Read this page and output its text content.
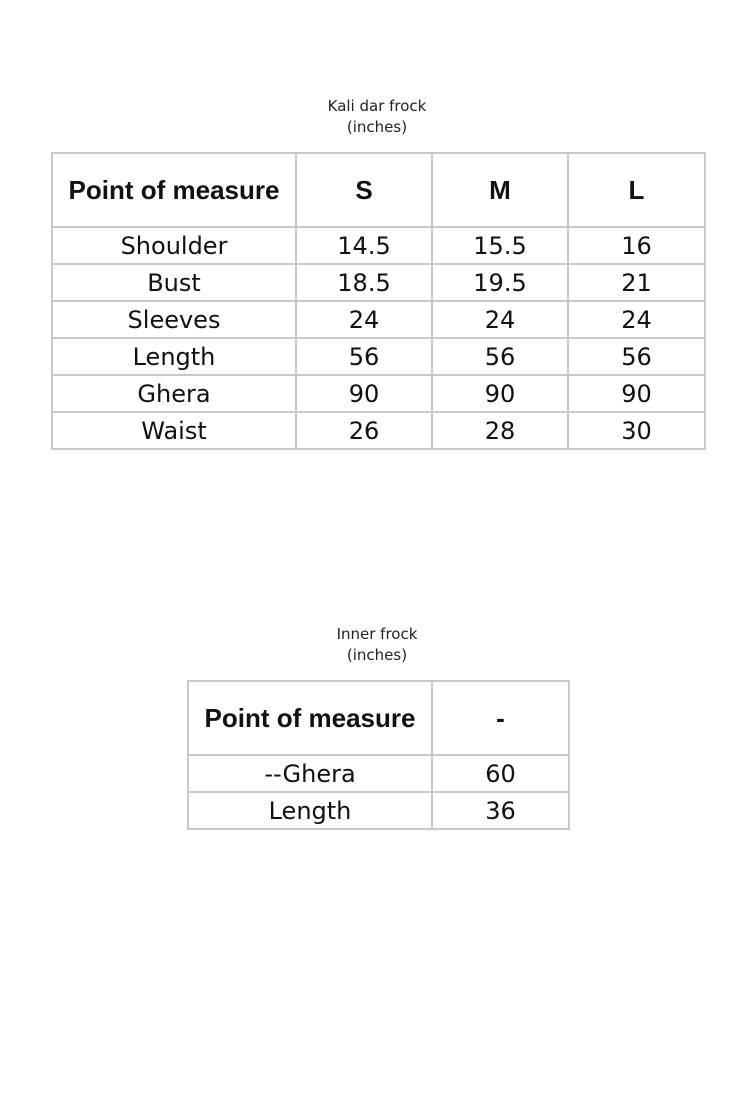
Kali dar frock
(inches)
Point of measure	S	M	L
Shoulder	14.5	15.5	16
Bust	18.5	19.5	21
Sleeves	24	24	24
Length	56	56	56
Ghera	90	90	90
Waist	26	28	30
Inner frock
(inches)
Point of measure	-
--Ghera	60
Length	36
